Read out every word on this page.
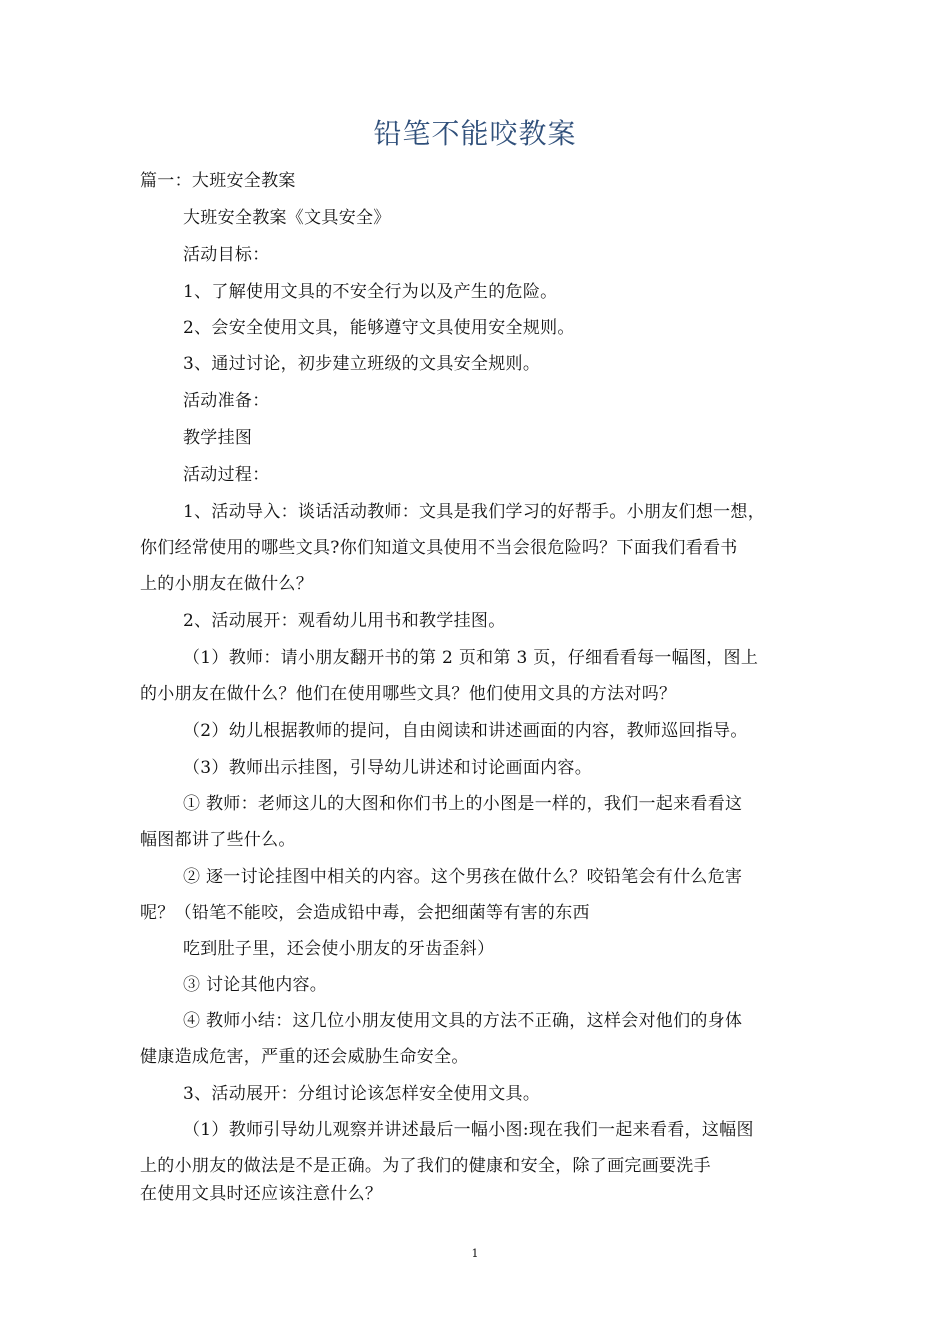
铅笔不能咬教案
篇一：大班安全教案
大班安全教案《文具安全》
活动目标：
1、了解使用文具的不安全行为以及产生的危险。
2、会安全使用文具，能够遵守文具使用安全规则。
3、通过讨论，初步建立班级的文具安全规则。
活动准备：
教学挂图
活动过程：
1、活动导入：谈话活动教师：文具是我们学习的好帮手。小朋友们想一想，
你们经常使用的哪些文具?你们知道文具使用不当会很危险吗？下面我们看看书
上的小朋友在做什么？
2、活动展开：观看幼儿用书和教学挂图。
（1）教师：请小朋友翻开书的第 2 页和第 3 页，仔细看看每一幅图，图上
的小朋友在做什么？他们在使用哪些文具？他们使用文具的方法对吗？
（2）幼儿根据教师的提问，自由阅读和讲述画面的内容，教师巡回指导。
（3）教师出示挂图，引导幼儿讲述和讨论画面内容。
① 教师：老师这儿的大图和你们书上的小图是一样的，我们一起来看看这
幅图都讲了些什么。
② 逐一讨论挂图中相关的内容。这个男孩在做什么？咬铅笔会有什么危害
呢？（铅笔不能咬，会造成铅中毒，会把细菌等有害的东西
吃到肚子里，还会使小朋友的牙齿歪斜）
③ 讨论其他内容。
④ 教师小结：这几位小朋友使用文具的方法不正确，这样会对他们的身体
健康造成危害，严重的还会威胁生命安全。
3、活动展开：分组讨论该怎样安全使用文具。
（1）教师引导幼儿观察并讲述最后一幅小图:现在我们一起来看看，这幅图
上的小朋友的做法是不是正确。为了我们的健康和安全，除了画完画要洗手
在使用文具时还应该注意什么？
1
